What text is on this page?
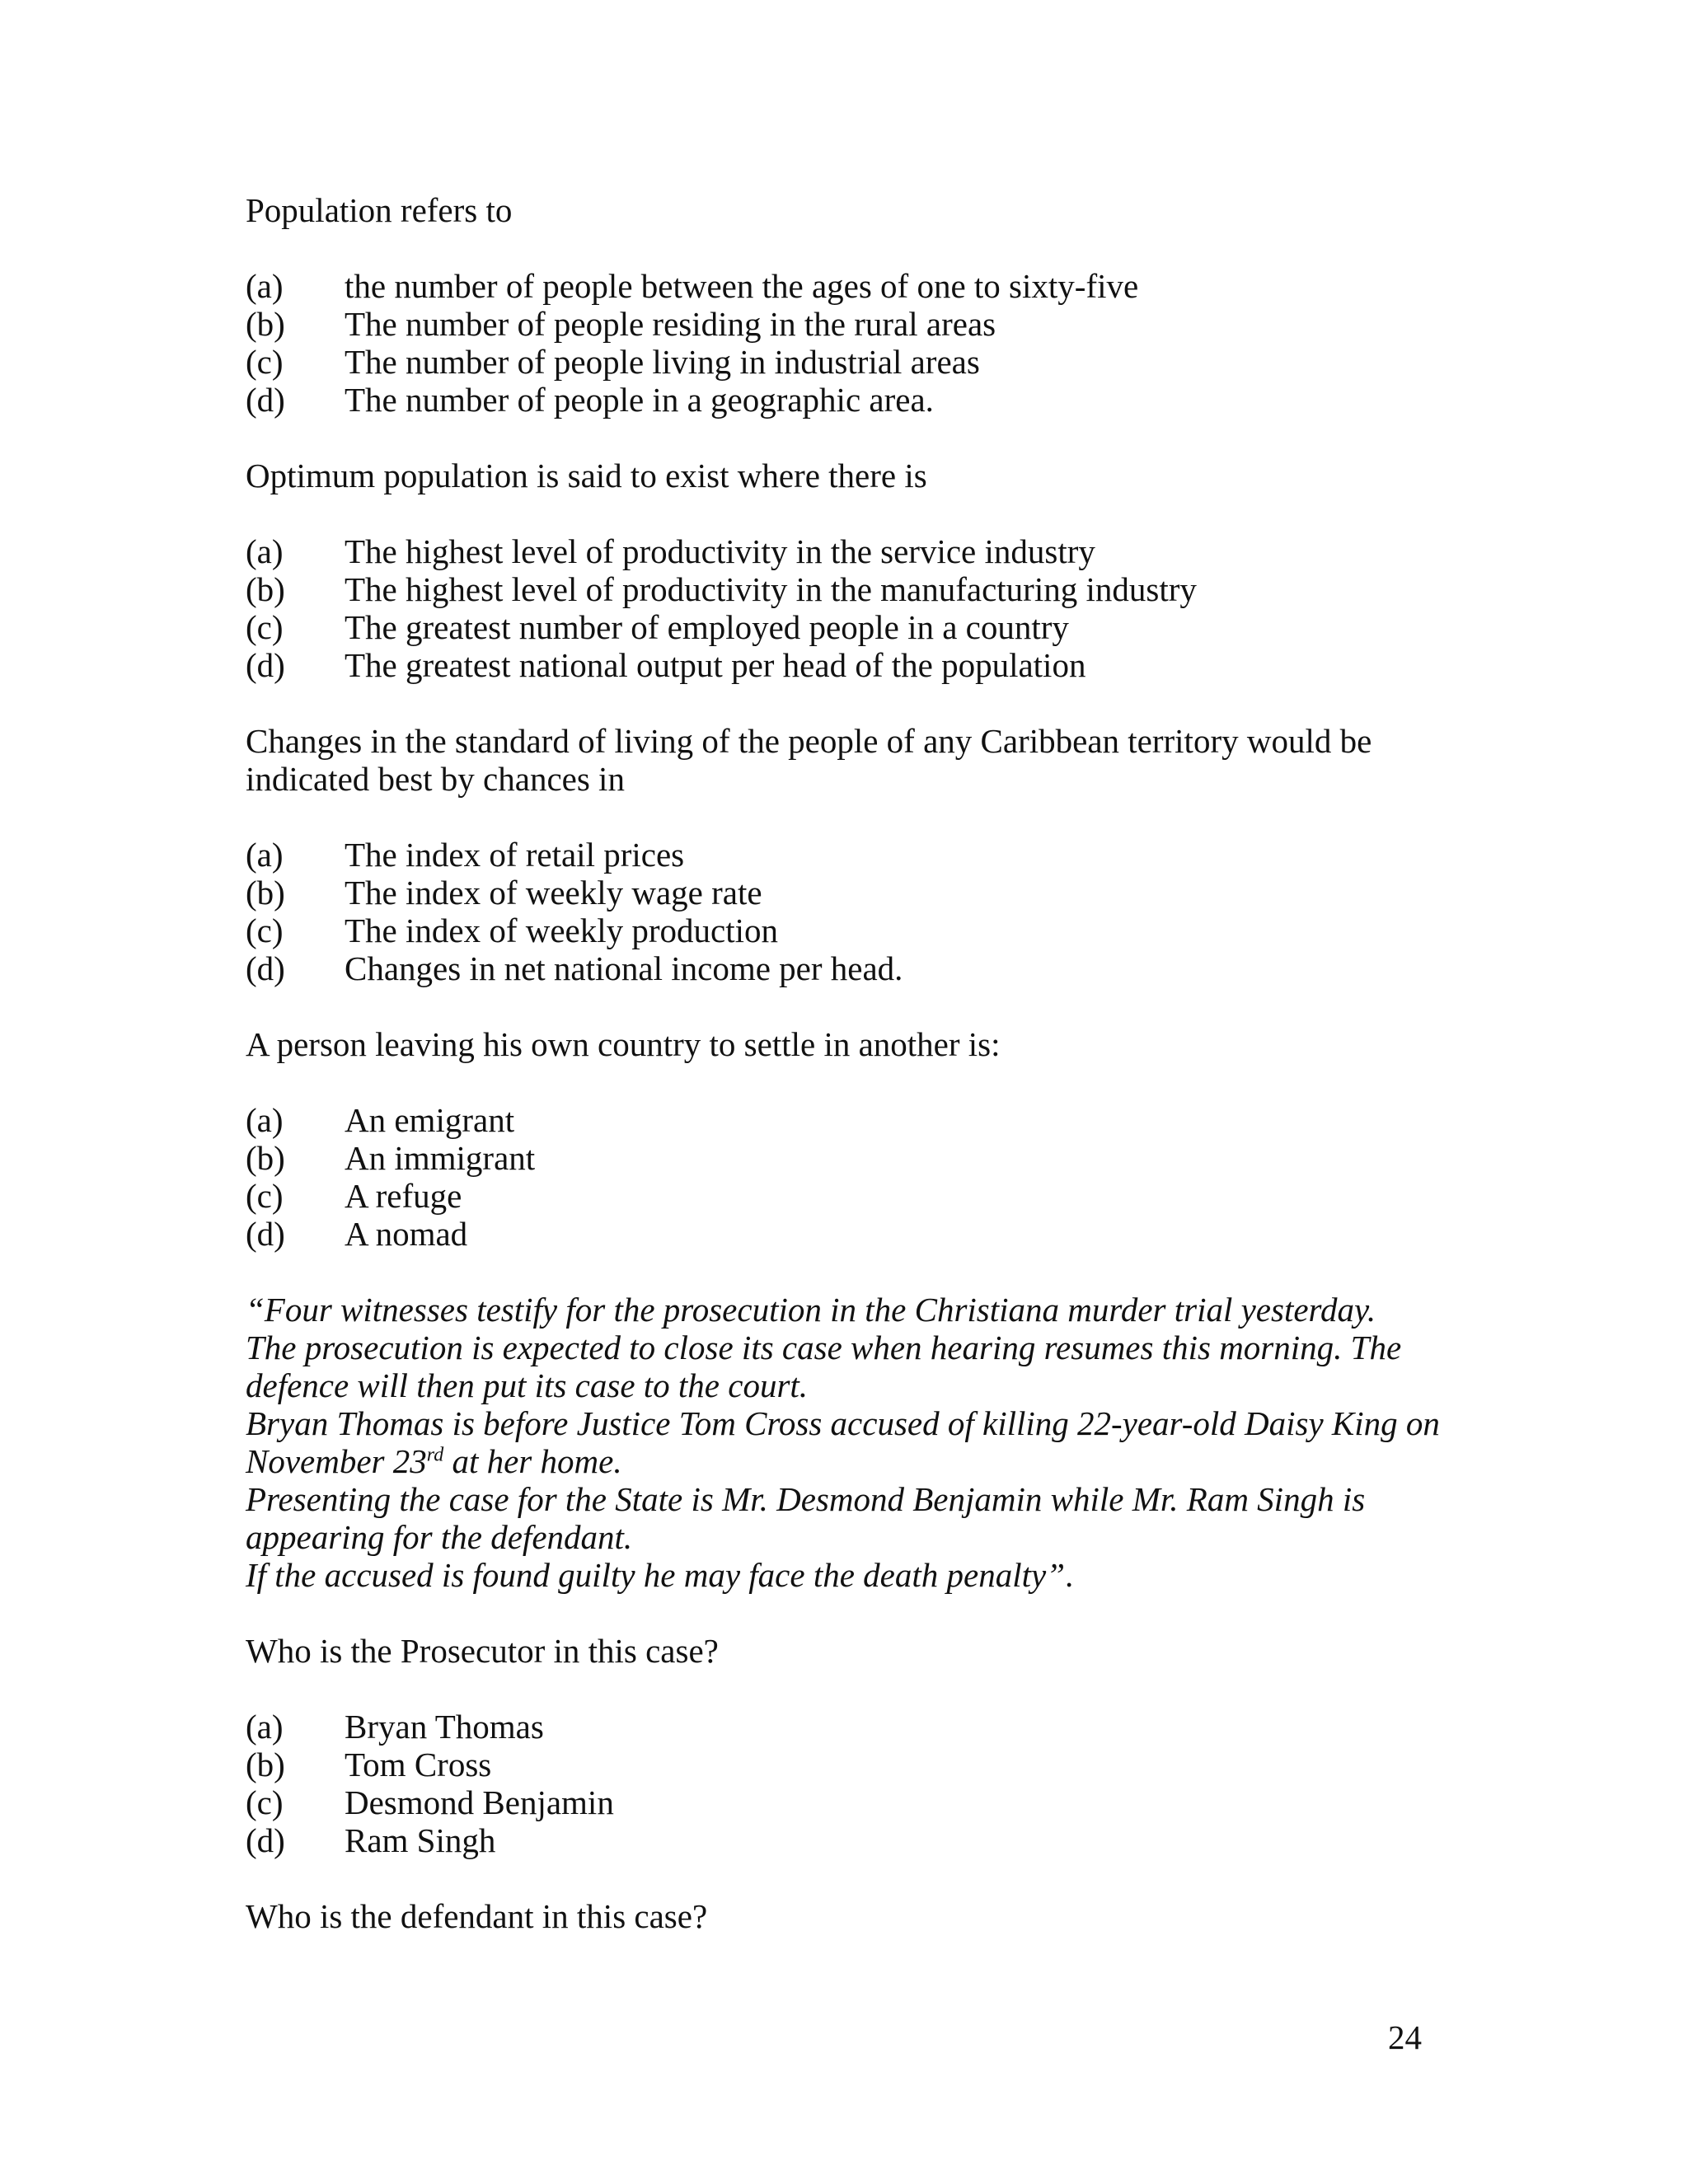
Population refers to
(a)	the number of people between the ages of one to sixty-five
(b)	The number of people residing in the rural areas
(c)	The number of people living in industrial areas
(d)	The number of people in a geographic area.
Optimum population is said to exist where there is
(a)	The highest level of productivity in the service industry
(b)	The highest level of productivity in the manufacturing industry
(c)	The greatest number of employed people in a country
(d)	The greatest national output per head of the population
Changes in the standard of living of the people of any Caribbean territory would be
indicated best by chances in
(a)	The index of retail prices
(b)	The index of weekly wage rate
(c)	The index of weekly production
(d)	Changes in net national income per head.
A person leaving his own country to settle in another is:
(a)	An emigrant
(b)	An immigrant
(c)	A refuge
(d)	A nomad
“Four witnesses testify for the prosecution in the Christiana murder trial yesterday.
The prosecution is expected to close its case when hearing resumes this morning. The
defence will then put its case to the court.
Bryan Thomas is before Justice Tom Cross accused of killing 22-year-old Daisy King on
November 23rd at her home.
Presenting the case for the State is Mr. Desmond Benjamin while Mr. Ram Singh is
appearing for the defendant.
If the accused is found guilty he may face the death penalty”.
Who is the Prosecutor in this case?
(a)	Bryan Thomas
(b)	Tom Cross
(c)	Desmond Benjamin
(d)	Ram Singh
Who is the defendant in this case?
24
